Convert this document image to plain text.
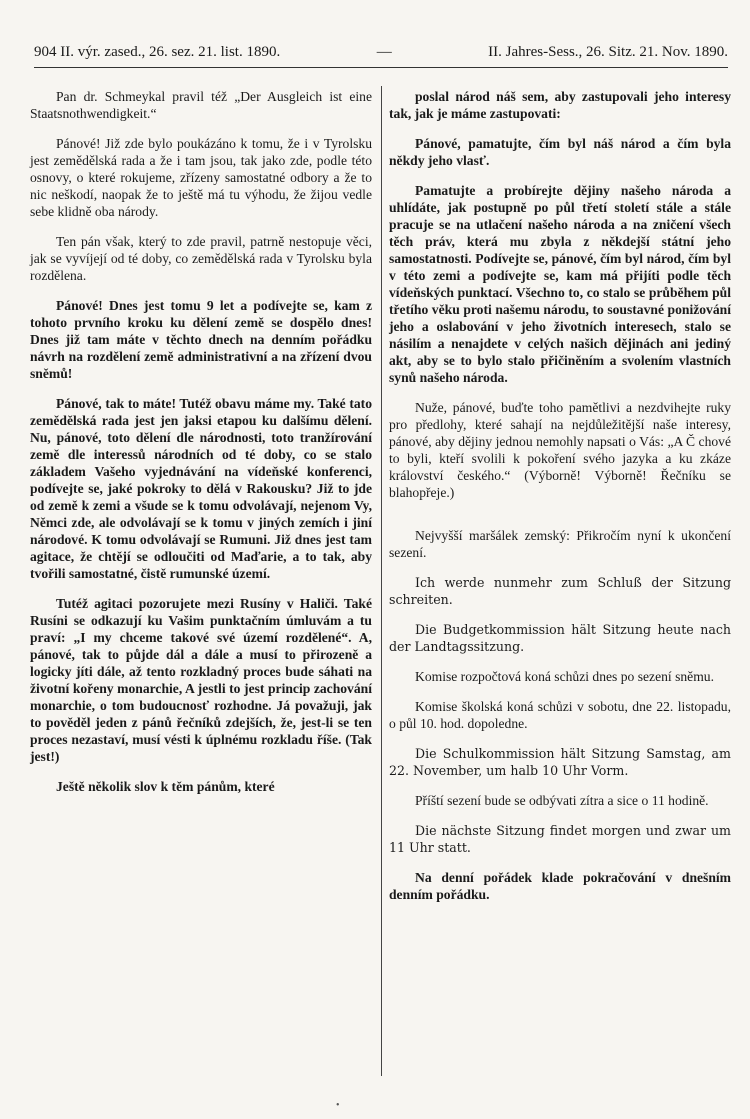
904 II. výr. zased., 26. sez. 21. list. 1890.	—	II. Jahres-Sess., 26. Sitz. 21. Nov. 1890.

Pan dr. Schmeykal pravil též „Der Ausgleich ist eine Staatsnothwendigkeit.“

Pánové! Již zde bylo poukázáno k tomu, že i v Tyrolsku jest zemědělská rada a že i tam jsou, tak jako zde, podle této osnovy, o které rokujeme, zřízeny samostatné odbory a že to nic neškodí, naopak že to ještě má tu výhodu, že žijou vedle sebe klidně oba národy.

Ten pán však, který to zde pravil, patrně nestopuje věci, jak se vyvíjejí od té doby, co zemědělská rada v Tyrolsku byla rozdělena.

Pánové! Dnes jest tomu 9 let a podívejte se, kam z tohoto prvního kroku ku dělení země se dospělo dnes! Dnes již tam máte v těchto dnech na denním pořádku návrh na rozdělení země administrativní a na zřízení dvou sněmů!

Pánové, tak to máte! Tutéž obavu máme my. Také tato zemědělská rada jest jen jaksi etapou ku dalšímu dělení. Nu, pánové, toto dělení dle národnosti, toto tranžírování země dle interessů národních od té doby, co se stalo základem Vašeho vyjednávání na vídeňské konferenci, podívejte se, jaké pokroky to dělá v Rakousku? Již to jde od země k zemi a všude se k tomu odvolávají, nejenom Vy, Němci zde, ale odvolávají se k tomu v jiných zemích i jiní národové. K tomu odvolávají se Rumuni. Již dnes jest tam agitace, že chtějí se odloučiti od Maďarie, a to tak, aby tvořili samostatné, čistě rumunské území.

Tutéž agitaci pozorujete mezi Rusíny v Haliči. Také Rusíni se odkazují ku Vašim punktačním úmluvám a tu praví: „I my chceme takové své území rozdělené“. A, pánové, tak to půjde dál a dále a musí to přirozeně a logicky jíti dále, až tento rozkladný proces bude sáhati na životní kořeny monarchie, A jestli to jest princip zachování monarchie, o tom budoucnosť rozhodne. Já považuji, jak to pověděl jeden z pánů řečníků zdejších, že, jest-li se ten proces nezastaví, musí vésti k úplnému rozkladu říše. (Tak jest!)

Ještě několik slov k těm pánům, které

poslal národ náš sem, aby zastupovali jeho interesy tak, jak je máme zastupovati:

Pánové, pamatujte, čím byl náš národ a čím byla někdy jeho vlasť.

Pamatujte a probírejte dějiny našeho národa a uhlídáte, jak postupně po půl třetí století stále a stále pracuje se na utlačení našeho národa a na zničení všech těch práv, která mu zbyla z někdejší státní jeho samostatnosti. Podívejte se, pánové, čím byl národ, čím byl v této zemi a podívejte se, kam má přijíti podle těch vídeňských punktací. Všechno to, co stalo se průběhem půl třetího věku proti našemu národu, to soustavné ponižování jeho a oslabování v jeho životních interesech, stalo se násilím a nenajdete v celých našich dějinách ani jediný akt, aby se to bylo stalo přičiněním a svolením vlastních synů našeho národa.

Nuže, pánové, buďte toho pamětlivi a nezdvihejte ruky pro předlohy, které sahají na nejdůležitější naše interesy, pánové, aby dějiny jednou nemohly napsati o Vás: „A Č chové to byli, kteří svolili k pokoření svého jazyka a ku zkáze království českého.“ (Výborně! Výborně! Řečníku se blahopřeje.)

Nejvyšší maršálek zemský: Přikročím nyní k ukončení sezení.

Ich werde nunmehr zum Schluß der Sitzung schreiten.

Die Budgetkommission hält Sitzung heute nach der Landtagssitzung.

Komise rozpočtová koná schůzi dnes po sezení sněmu.

Komise školská koná schůzi v sobotu, dne 22. listopadu, o půl 10. hod. dopoledne.

Die Schulkommission hält Sitzung Samstag, am 22. November, um halb 10 Uhr Vorm.

Příští sezení bude se odbývati zítra a sice o 11 hodině.

Die nächste Sitzung findet morgen und zwar um 11 Uhr statt.

Na denní pořádek klade pokračování v dnešním denním pořádku.

•
